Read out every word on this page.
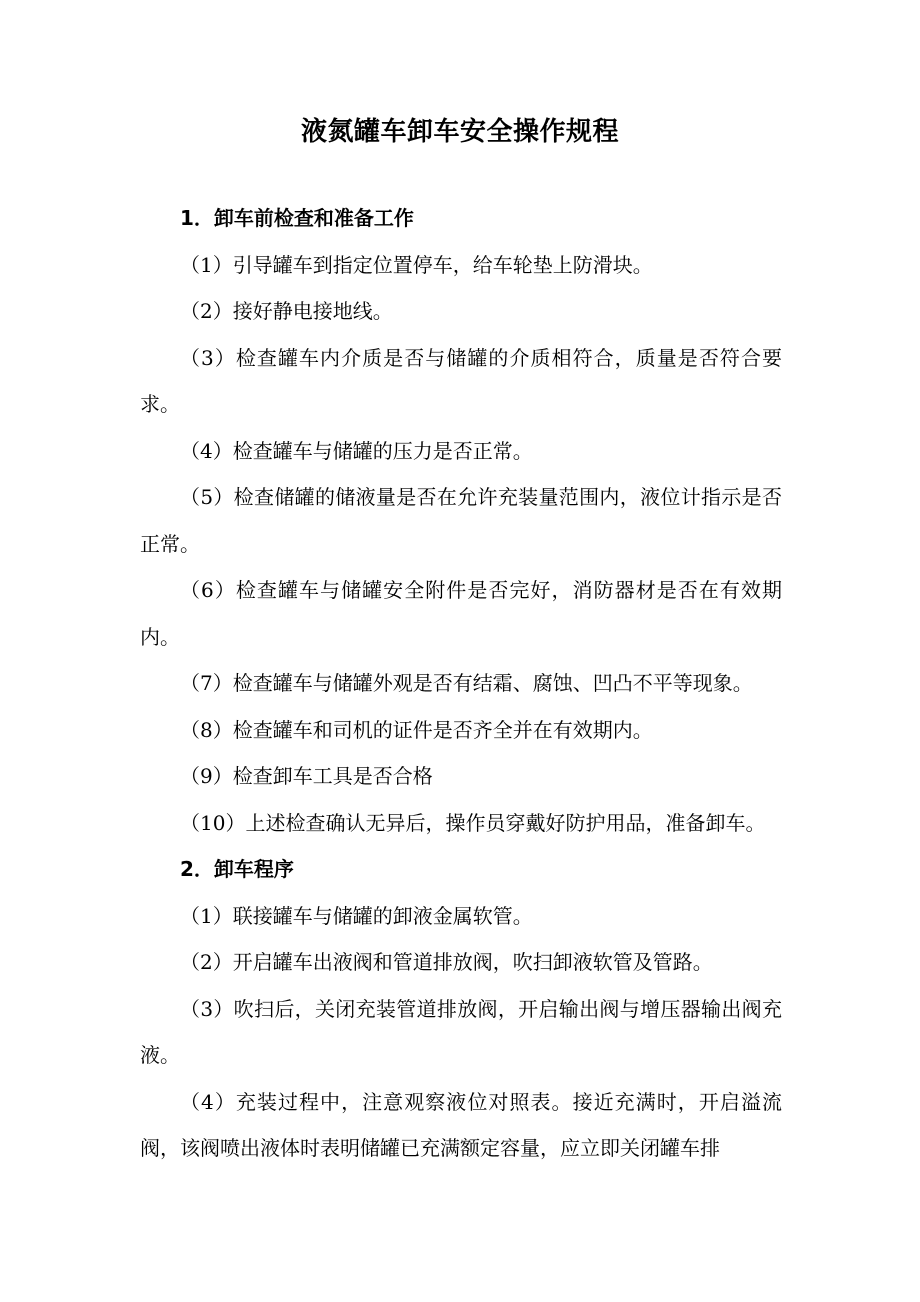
液氮罐车卸车安全操作规程

1．卸车前检查和准备工作

（1）引导罐车到指定位置停车，给车轮垫上防滑块。

（2）接好静电接地线。

（3）检查罐车内介质是否与储罐的介质相符合，质量是否符合要求。

（4）检查罐车与储罐的压力是否正常。

（5）检查储罐的储液量是否在允许充装量范围内，液位计指示是否正常。

（6）检查罐车与储罐安全附件是否完好，消防器材是否在有效期内。

（7）检查罐车与储罐外观是否有结霜、腐蚀、凹凸不平等现象。

（8）检查罐车和司机的证件是否齐全并在有效期内。

（9）检查卸车工具是否合格

（10）上述检查确认无异后，操作员穿戴好防护用品，准备卸车。

2．卸车程序

（1）联接罐车与储罐的卸液金属软管。

（2）开启罐车出液阀和管道排放阀，吹扫卸液软管及管路。

（3）吹扫后，关闭充装管道排放阀，开启输出阀与增压器输出阀充液。

（4）充装过程中，注意观察液位对照表。接近充满时，开启溢流阀，该阀喷出液体时表明储罐已充满额定容量，应立即关闭罐车排
